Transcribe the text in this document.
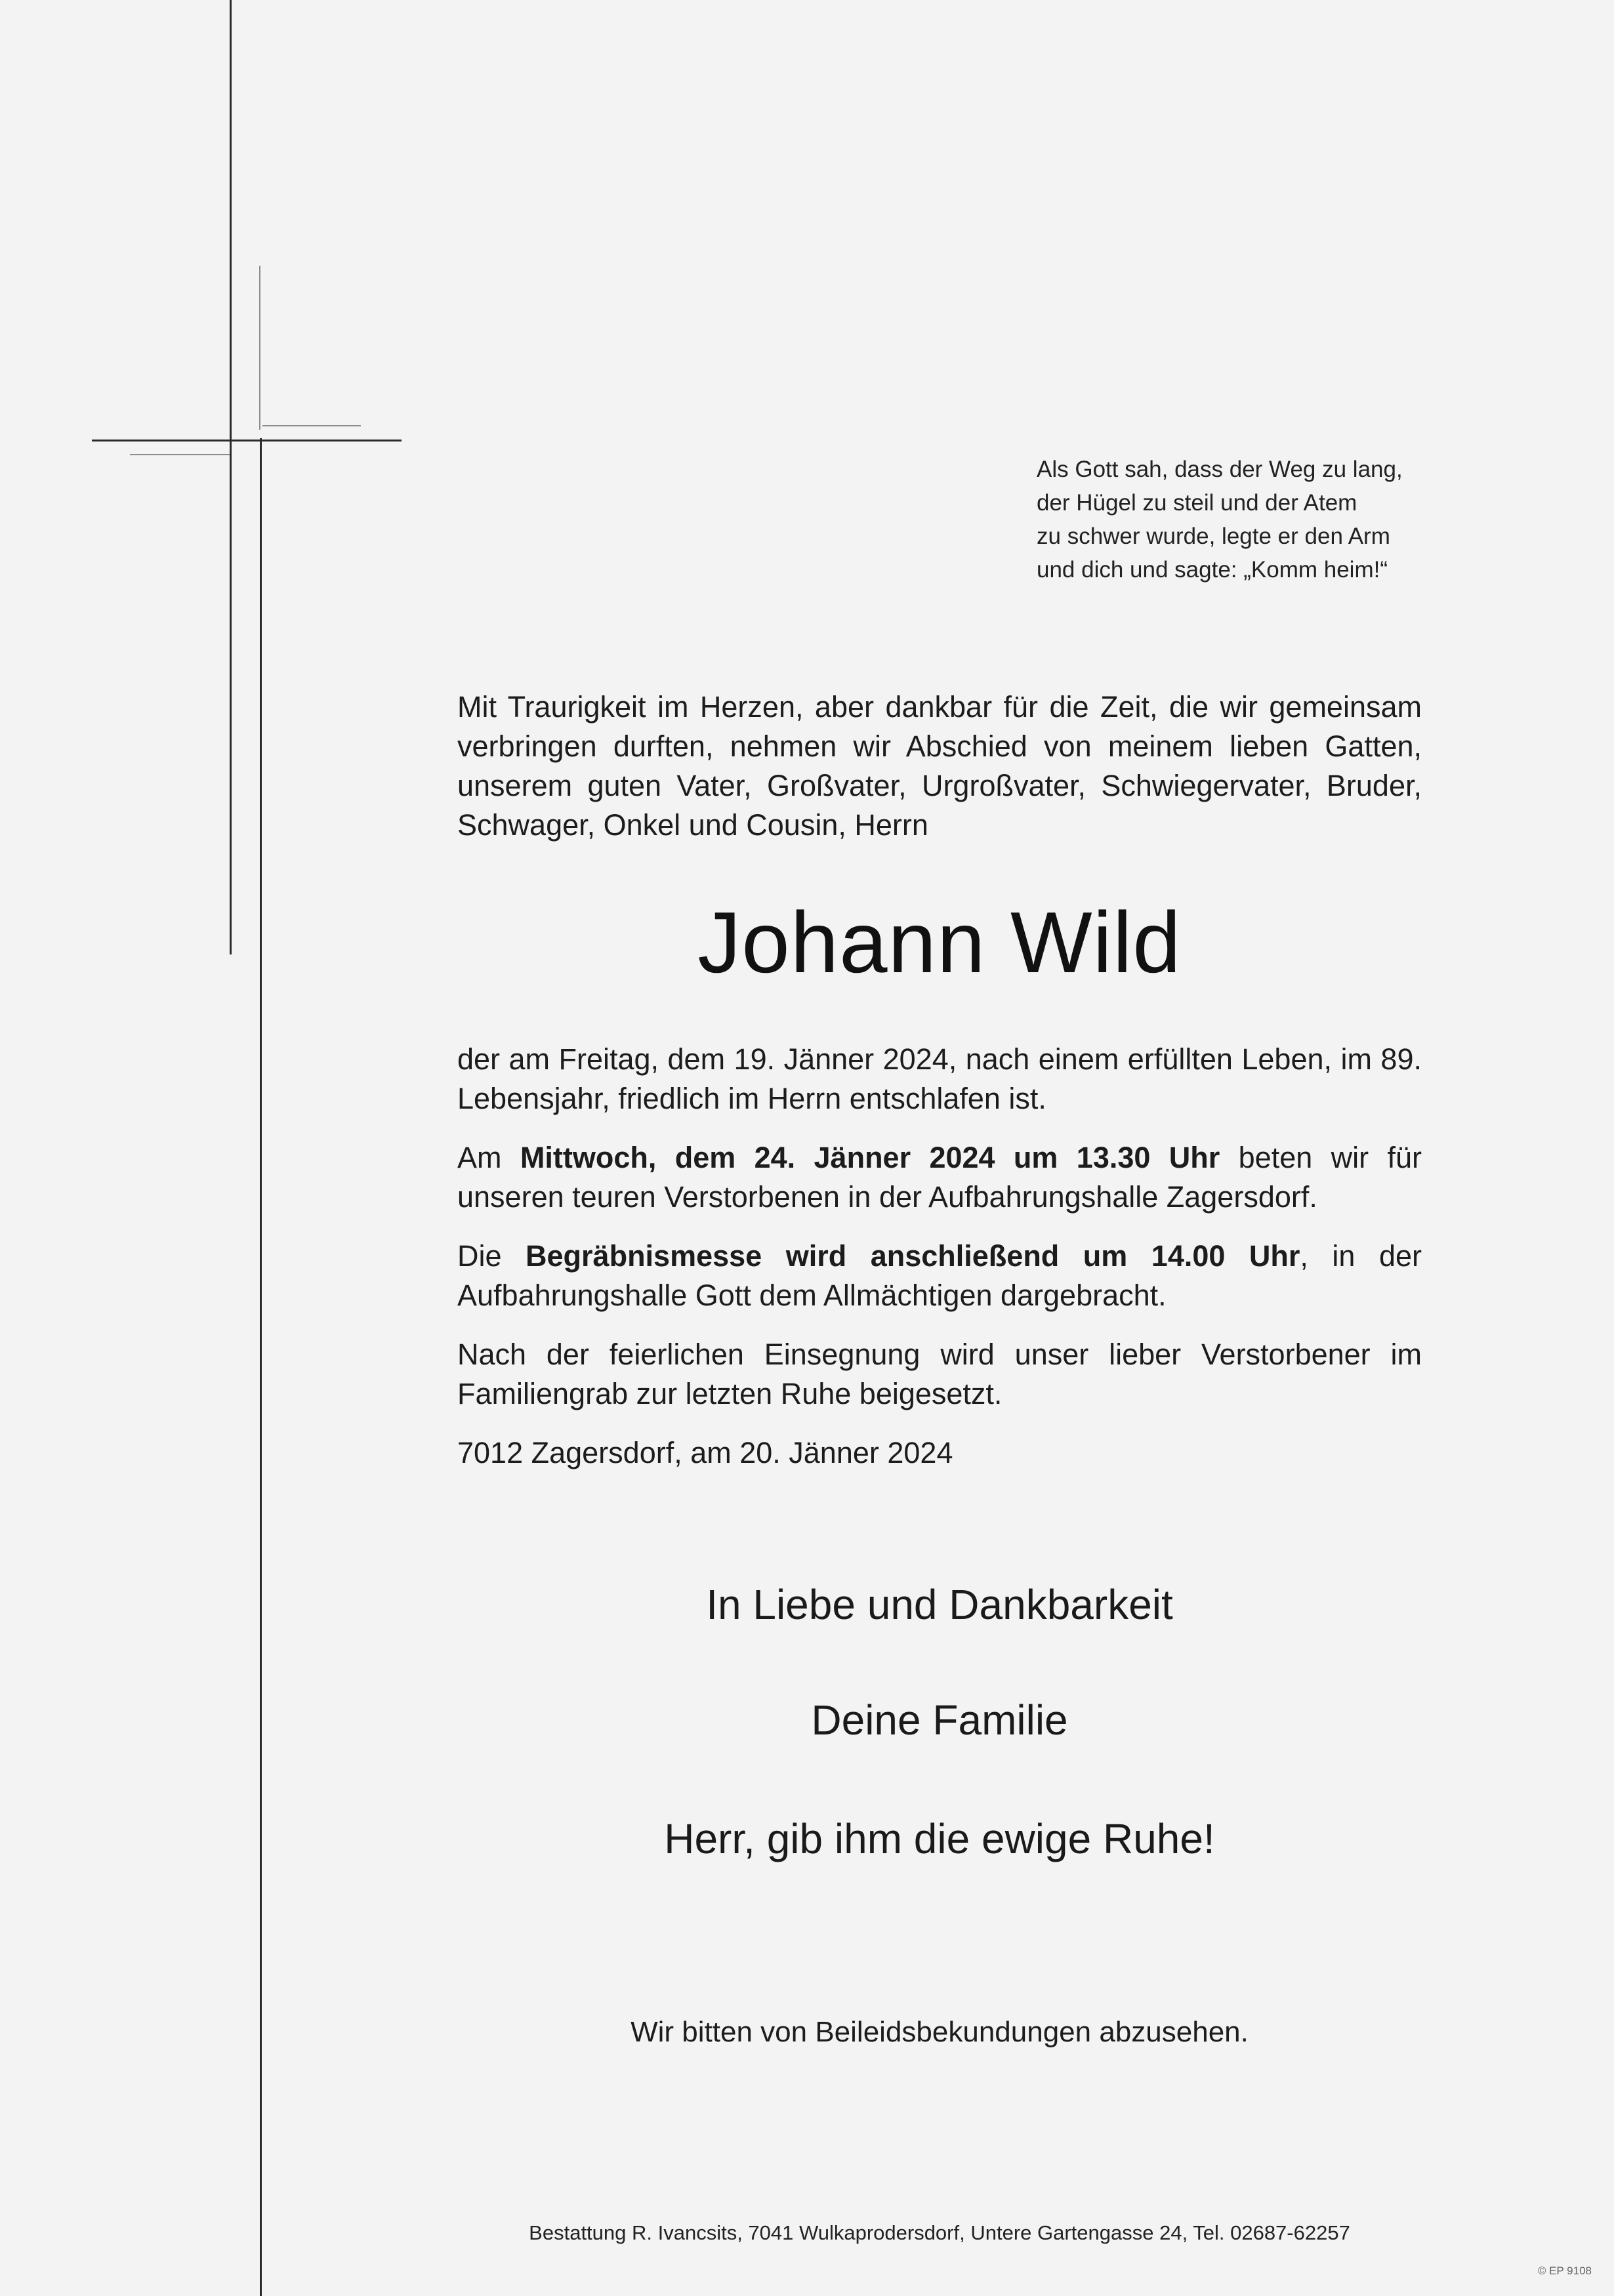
Als Gott sah, dass der Weg zu lang,
der Hügel zu steil und der Atem
zu schwer wurde, legte er den Arm
und dich und sagte: „Komm heim!“
Mit Traurigkeit im Herzen, aber dankbar für die Zeit, die wir gemeinsam verbringen durften, nehmen wir Abschied von meinem lieben Gatten, unserem guten Vater, Großvater, Urgroßvater, Schwiegervater, Bruder, Schwager, Onkel und Cousin, Herrn
Johann Wild

der am Freitag, dem 19. Jänner 2024, nach einem erfüllten Leben, im 89. Lebensjahr, friedlich im Herrn entschlafen ist.

Am Mittwoch, dem 24. Jänner 2024 um 13.30 Uhr beten wir für unseren teuren Verstorbenen in der Aufbahrungshalle Zagersdorf.

Die Begräbnismesse wird anschließend um 14.00 Uhr, in der Aufbahrungshalle Gott dem Allmächtigen dargebracht.

Nach der feierlichen Einsegnung wird unser lieber Verstorbener im Familiengrab zur letzten Ruhe beigesetzt.

7012 Zagersdorf, am 20. Jänner 2024

In Liebe und Dankbarkeit
Deine Familie
Herr, gib ihm die ewige Ruhe!
Wir bitten von Beileidsbekundungen abzusehen.
Bestattung R. Ivancsits, 7041 Wulkaprodersdorf, Untere Gartengasse 24, Tel. 02687-62257
© EP 9108
